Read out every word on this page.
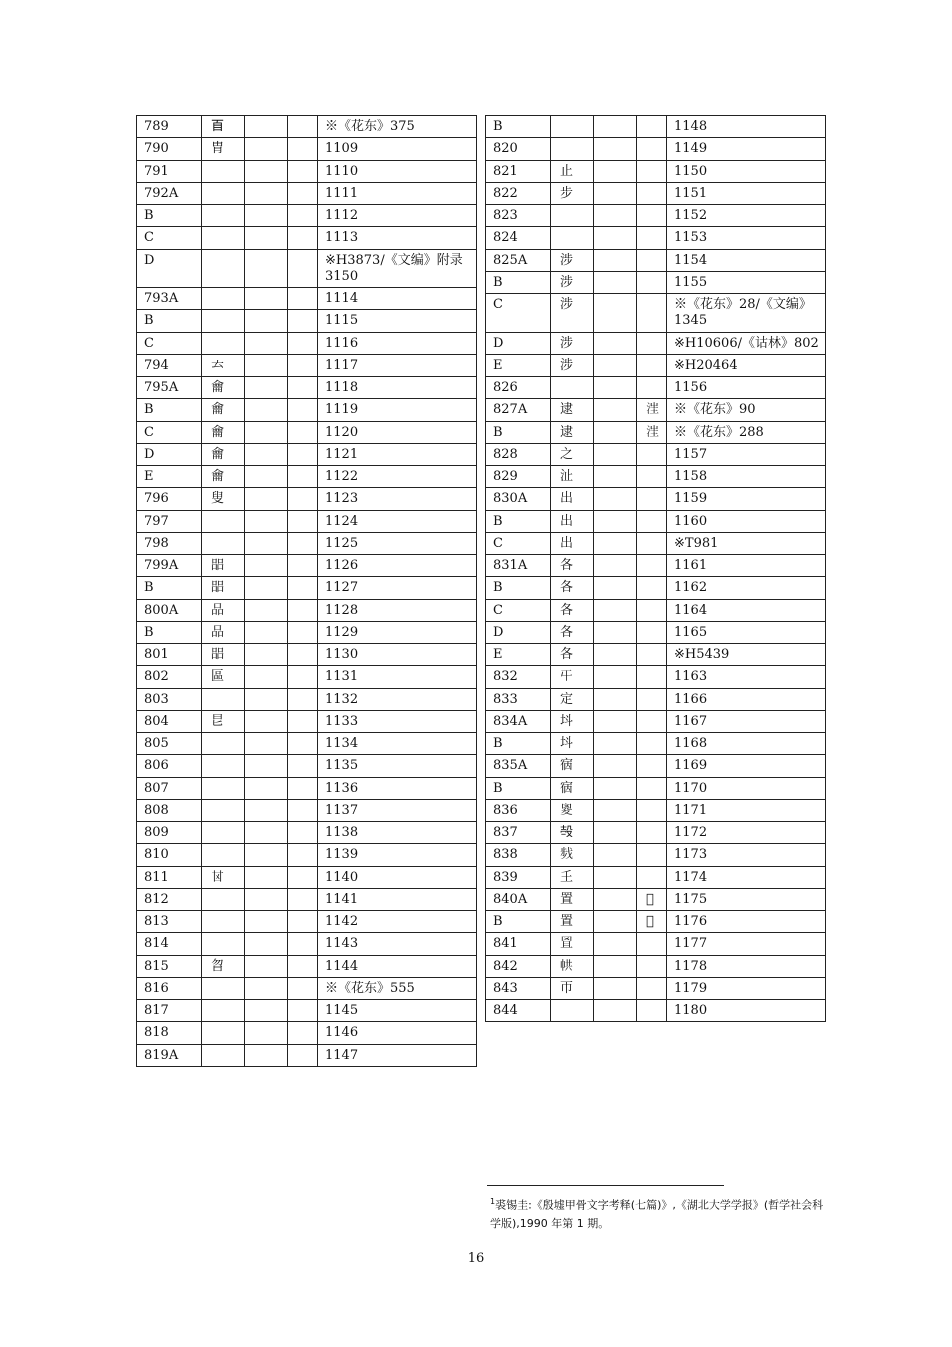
789	𦣻			※《花东》375
790	胄			1109
791				1110
792A				1111
B				1112
C				1113
D				※H3873/《文编》附录3150
793A				1114
B				1115
C				1116
794	𠫓			1117
795A	龠			1118
B	龠			1119
C	龠			1120
D	龠			1121
E	龠			1122
796	叟			1123
797				1124
798				1125
799A	㗊			1126
B	㗊			1127
800A	品			1128
B	品			1129
801	㗊			1130
802	區			1131
803				1132
804	㫐			1133
805				1134
806				1135
807				1136
808				1137
809				1138
810				1139
811	𠀠			1140
812				1141
813				1142
814				1143
815	㫚			1144
816				※《花东》555
817				1145
818				1146
819A				1147
B				1148
820				1149
821	止			1150
822	步			1151
823				1152
824				1153
825A	涉			1154
B	涉			1155
C	涉			※《花东》28/《文编》1345
D	涉			※H10606/《诂林》802
E	涉			※H20464
826				1156
827A	逮		𣳫	※《花东》90
B	逮		𣳫	※《花东》288
828	之			1157
829	沚			1158
830A	出			1159
B	出			1160
C	出			※T981
831A	各			1161
B	各			1162
C	各			1164
D	各			1165
E	各			※H5439
832	𡕒			1163
833	定			1166
834A	㘰			1167
B	㘰			1168
835A	㝛			1169
B	㝛			1170
836	𡕩			1171
837	𣪊			1172
838	𢧁			1173
839	𡈼			1174
840A	置		𦋔	1175
B	置		𦋔	1176
841	𦊕			1177
842	𢂔			1178
843	帀			1179
844				1180
$^1$裘锡圭:《殷墟甲骨文字考释(七篇)》,《湖北大学学报》(哲学社会科学版),1990 年第 1 期。
16
